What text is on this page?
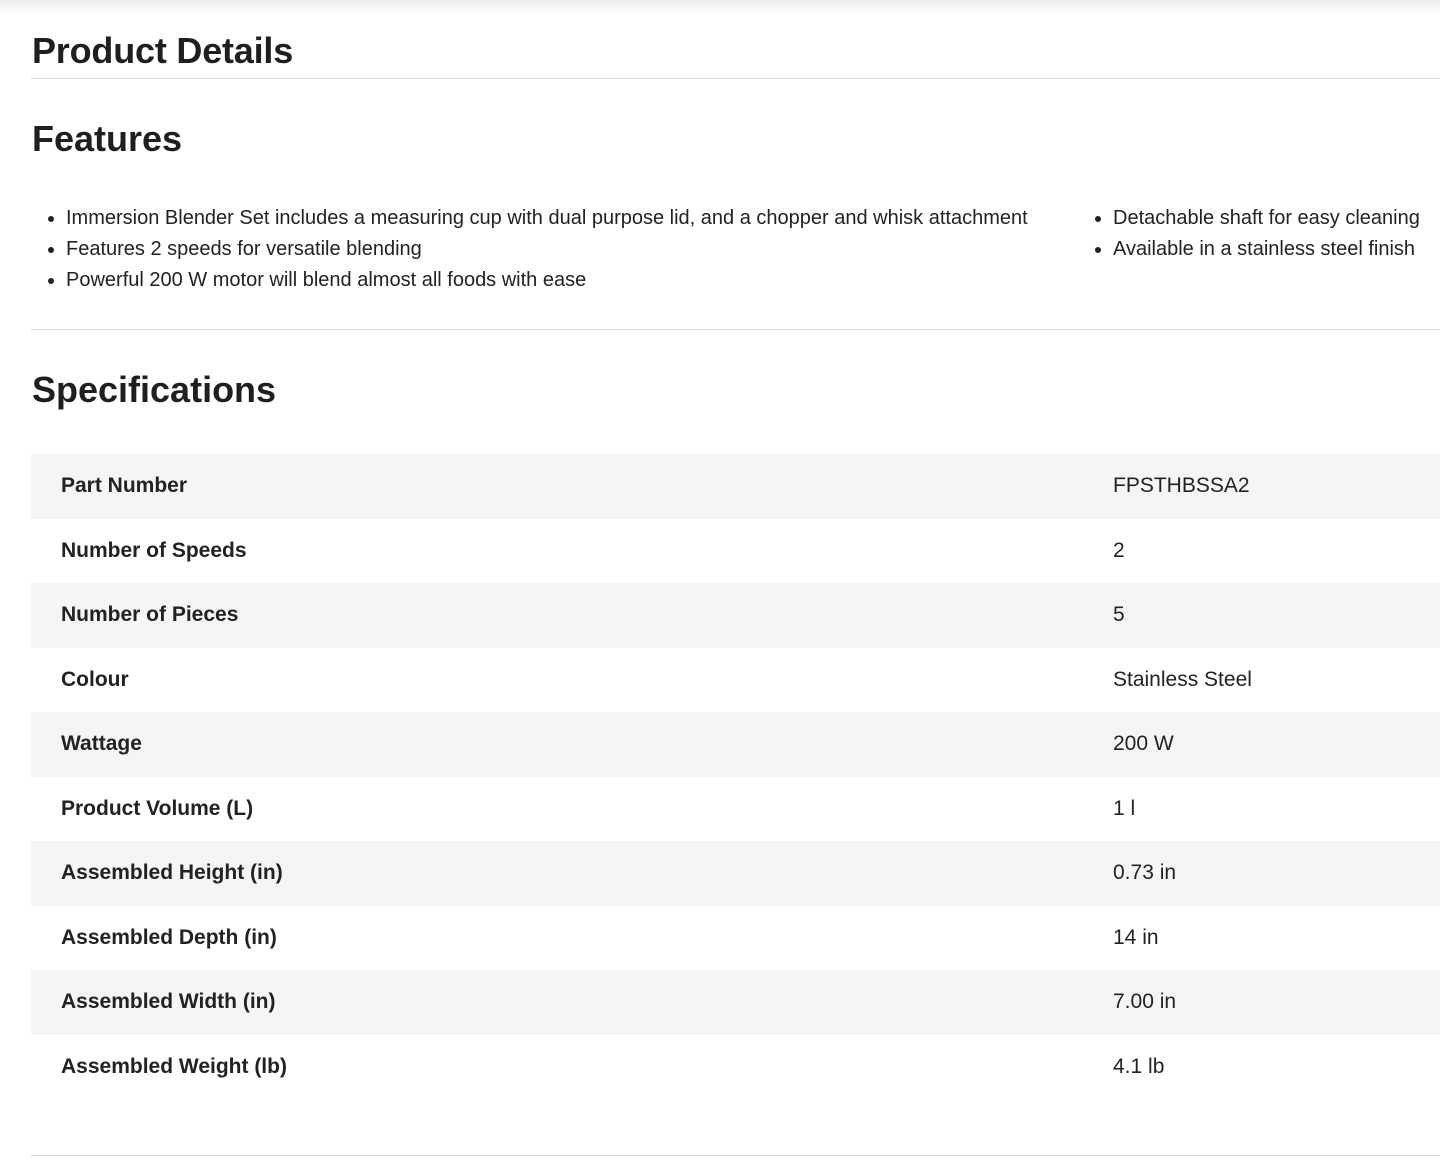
Product Details
Features
Immersion Blender Set includes a measuring cup with dual purpose lid, and a chopper and whisk attachment
Features 2 speeds for versatile blending
Powerful 200 W motor will blend almost all foods with ease
Detachable shaft for easy cleaning
Available in a stainless steel finish
Specifications
Part Number	FPSTHBSSA2
Number of Speeds	2
Number of Pieces	5
Colour	Stainless Steel
Wattage	200 W
Product Volume (L)	1 l
Assembled Height (in)	0.73 in
Assembled Depth (in)	14 in
Assembled Width (in)	7.00 in
Assembled Weight (lb)	4.1 lb
